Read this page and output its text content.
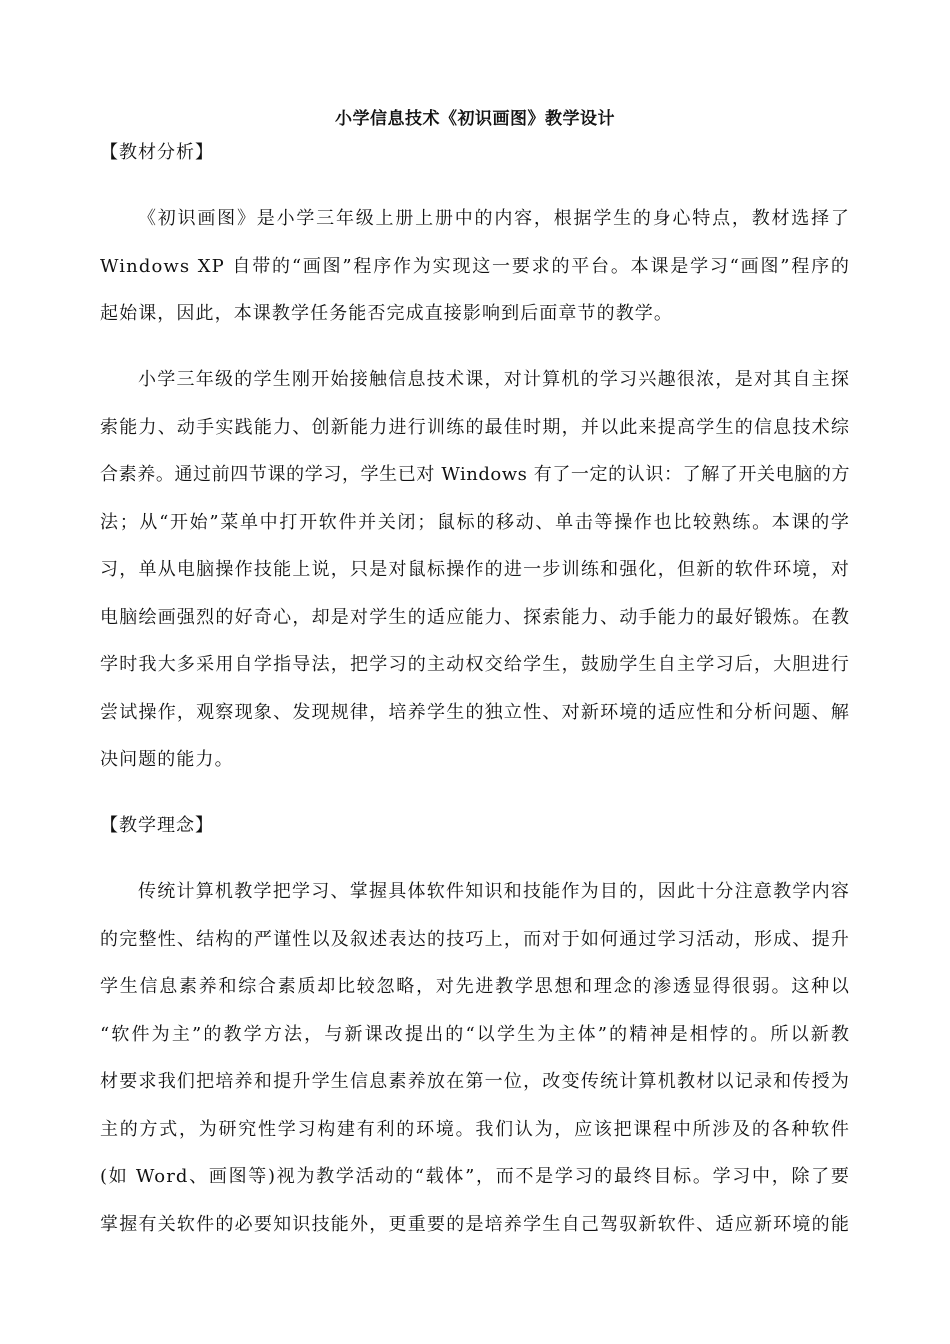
小学信息技术《初识画图》教学设计
【教材分析】
《初识画图》是小学三年级上册上册中的内容，根据学生的身心特点，教材选择了
Windows XP 自带的“画图”程序作为实现这一要求的平台。本课是学习“画图”程序的
起始课，因此，本课教学任务能否完成直接影响到后面章节的教学。
小学三年级的学生刚开始接触信息技术课，对计算机的学习兴趣很浓，是对其自主探
索能力、动手实践能力、创新能力进行训练的最佳时期，并以此来提高学生的信息技术综
合素养。通过前四节课的学习，学生已对 Windows 有了一定的认识：了解了开关电脑的方
法；从“开始”菜单中打开软件并关闭；鼠标的移动、单击等操作也比较熟练。本课的学
习，单从电脑操作技能上说，只是对鼠标操作的进一步训练和强化，但新的软件环境，对
电脑绘画强烈的好奇心，却是对学生的适应能力、探索能力、动手能力的最好锻炼。在教
学时我大多采用自学指导法，把学习的主动权交给学生，鼓励学生自主学习后，大胆进行
尝试操作，观察现象、发现规律，培养学生的独立性、对新环境的适应性和分析问题、解
决问题的能力。
【教学理念】
传统计算机教学把学习、掌握具体软件知识和技能作为目的，因此十分注意教学内容
的完整性、结构的严谨性以及叙述表达的技巧上，而对于如何通过学习活动，形成、提升
学生信息素养和综合素质却比较忽略，对先进教学思想和理念的渗透显得很弱。这种以
“软件为主”的教学方法，与新课改提出的“以学生为主体”的精神是相悖的。所以新教
材要求我们把培养和提升学生信息素养放在第一位，改变传统计算机教材以记录和传授为
主的方式，为研究性学习构建有利的环境。我们认为，应该把课程中所涉及的各种软件
(如 Word、画图等)视为教学活动的“载体”，而不是学习的最终目标。学习中，除了要
掌握有关软件的必要知识技能外，更重要的是培养学生自己驾驭新软件、适应新环境的能
